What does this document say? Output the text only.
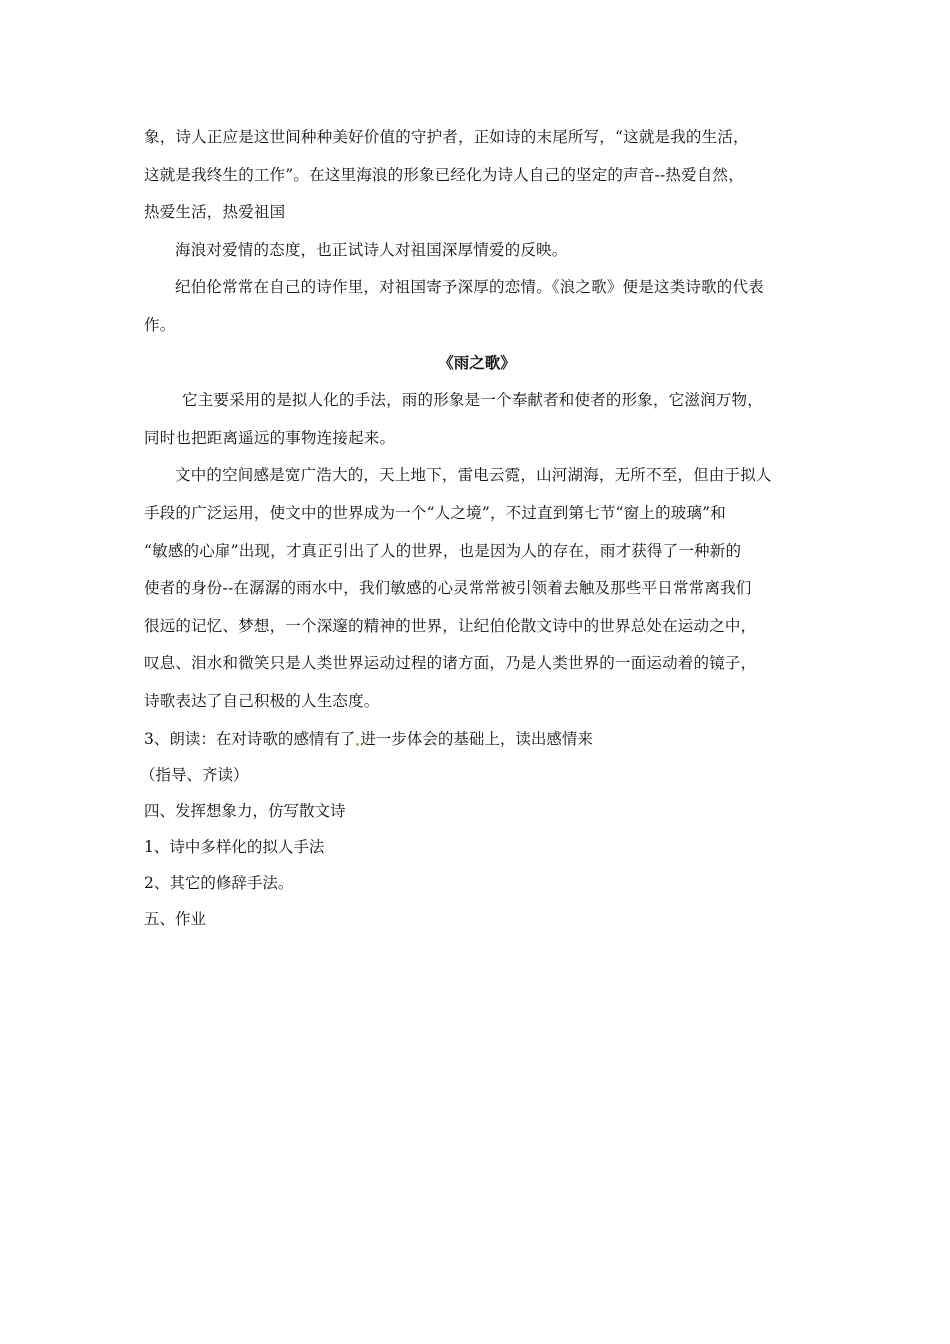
象，诗人正应是这世间种种美好价值的守护者，正如诗的末尾所写，“这就是我的生活，
这就是我终生的工作”。在这里海浪的形象已经化为诗人自己的坚定的声音--热爱自然，
热爱生活，热爱祖国
海浪对爱情的态度，也正试诗人对祖国深厚情爱的反映。
纪伯伦常常在自己的诗作里，对祖国寄予深厚的恋情。《浪之歌》便是这类诗歌的代表
作。
《雨之歌》
它主要采用的是拟人化的手法，雨的形象是一个奉献者和使者的形象，它滋润万物，
同时也把距离遥远的事物连接起来。
文中的空间感是宽广浩大的，天上地下，雷电云霓，山河湖海，无所不至，但由于拟人
手段的广泛运用，使文中的世界成为一个“人之境”，不过直到第七节“窗上的玻璃”和
“敏感的心扉”出现，才真正引出了人的世界，也是因为人的存在，雨才获得了一种新的
使者的身份--在潺潺的雨水中，我们敏感的心灵常常被引领着去触及那些平日常常离我们
很远的记忆、梦想，一个深邃的精神的世界，让纪伯伦散文诗中的世界总处在运动之中，
叹息、泪水和微笑只是人类世界运动过程的诸方面，乃是人类世界的一面运动着的镜子，
诗歌表达了自己积极的人生态度。
3、朗读：在对诗歌的感情有了 进一步体会的基础上，读出感情来
（指导、齐读）
四、发挥想象力，仿写散文诗
1、诗中多样化的拟人手法
2、其它的修辞手法。
五、作业
